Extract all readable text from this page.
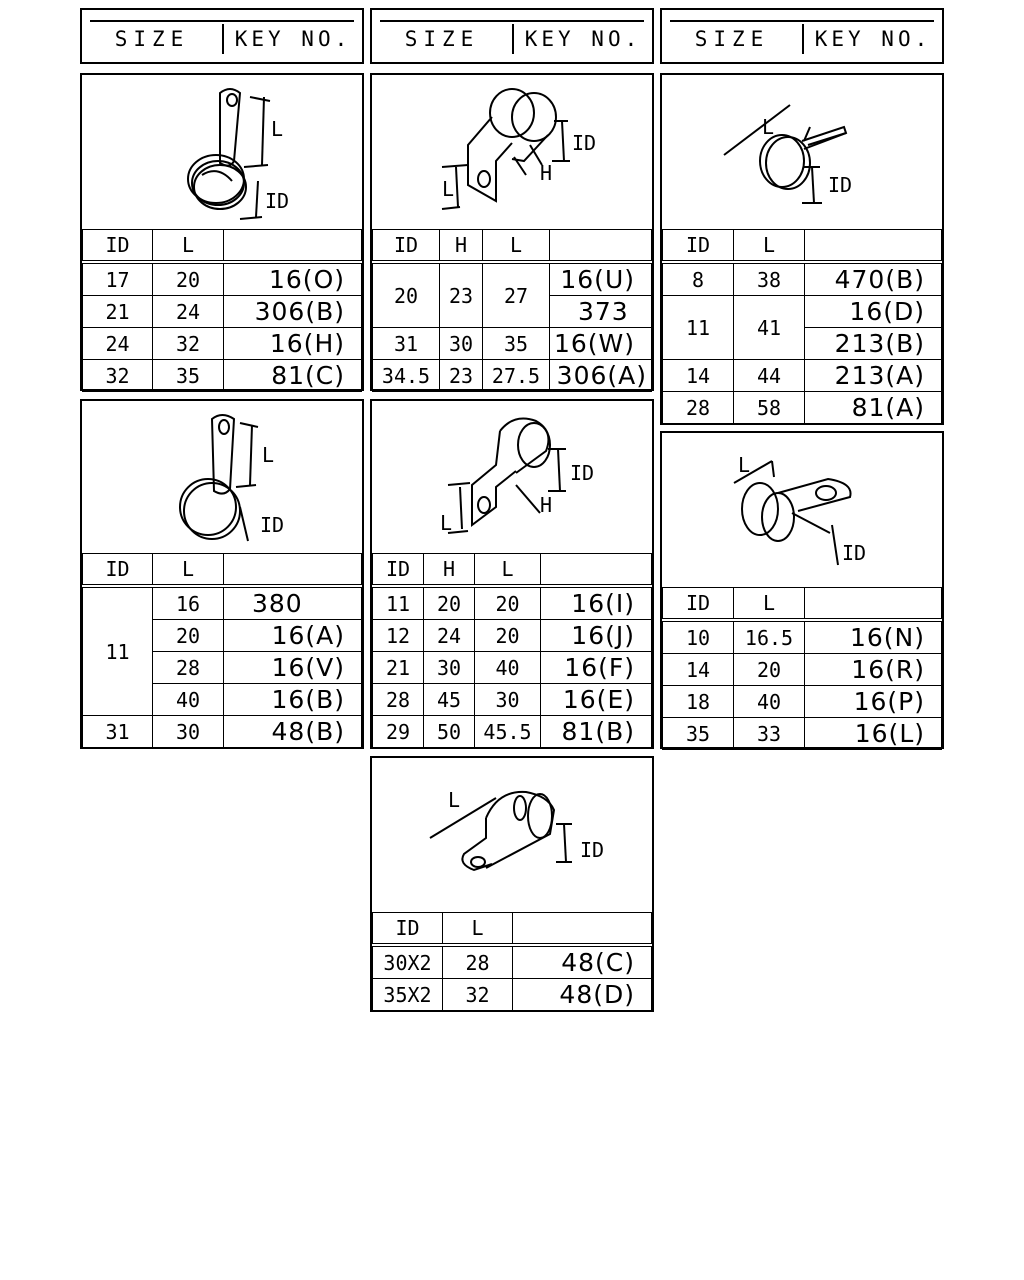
SIZE	KEY NO.	SIZE	KEY NO.	SIZE	KEY NO.
L
ID
ID	L	
17	20	16(O)
21	24	306(B)
24	32	16(H)
32	35	81(C)
L
H
ID
ID	H	L	
20	23	27	16(U)
			373
31	30	35	16(W)
34.5	23	27.5	306(A)
L
ID
ID	L	
8	38	470(B)
11	41	16(D)
		213(B)
14	44	213(A)
28	58	81(A)
L
ID
ID	L	
11	16	380
	20	16(A)
	28	16(V)
	40	16(B)
31	30	48(B)
L
H
ID
ID	H	L	
11	20	20	16(I)
12	24	20	16(J)
21	30	40	16(F)
28	45	30	16(E)
29	50	45.5	81(B)
L
ID
ID	L	
10	16.5	16(N)
14	20	16(R)
18	40	16(P)
35	33	16(L)
L
ID
ID	L	
30X2	28	48(C)
35X2	32	48(D)
